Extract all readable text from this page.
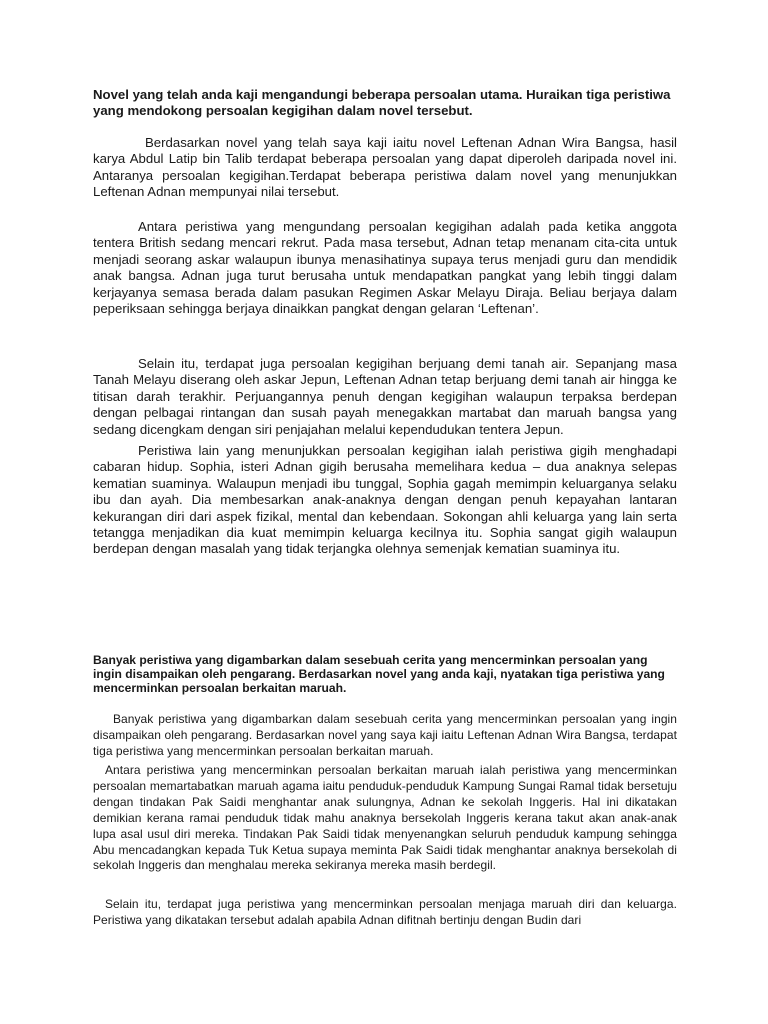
Novel yang telah anda kaji mengandungi beberapa persoalan utama. Huraikan tiga peristiwa yang mendokong persoalan kegigihan dalam novel tersebut.

Berdasarkan novel yang telah saya kaji iaitu novel Leftenan Adnan Wira Bangsa, hasil karya Abdul Latip bin Talib terdapat beberapa persoalan yang dapat diperoleh daripada novel ini. Antaranya persoalan kegigihan.Terdapat beberapa peristiwa dalam novel yang menunjukkan Leftenan Adnan mempunyai nilai tersebut.

Antara peristiwa yang mengundang persoalan kegigihan adalah pada ketika anggota tentera British sedang mencari rekrut. Pada masa tersebut, Adnan tetap menanam cita-cita untuk menjadi seorang askar walaupun ibunya menasihatinya supaya terus menjadi guru dan mendidik anak bangsa. Adnan juga turut berusaha untuk mendapatkan pangkat yang lebih tinggi dalam kerjayanya semasa berada dalam pasukan Regimen Askar Melayu Diraja. Beliau berjaya dalam peperiksaan sehingga berjaya dinaikkan pangkat dengan gelaran ‘Leftenan’.

Selain itu, terdapat juga persoalan kegigihan berjuang demi tanah air. Sepanjang masa Tanah Melayu diserang oleh askar Jepun, Leftenan Adnan tetap berjuang demi tanah air hingga ke titisan darah terakhir. Perjuangannya penuh dengan kegigihan walaupun terpaksa berdepan dengan pelbagai rintangan dan susah payah menegakkan martabat dan maruah bangsa yang sedang dicengkam dengan siri penjajahan melalui kependudukan tentera Jepun.

Peristiwa lain yang menunjukkan persoalan kegigihan ialah peristiwa gigih menghadapi cabaran hidup. Sophia, isteri Adnan gigih berusaha memelihara kedua – dua anaknya selepas kematian suaminya. Walaupun menjadi ibu tunggal, Sophia gagah memimpin keluarganya selaku ibu dan ayah. Dia membesarkan anak-anaknya dengan dengan penuh kepayahan lantaran kekurangan diri dari aspek fizikal, mental dan kebendaan. Sokongan ahli keluarga yang lain serta tetangga menjadikan dia kuat memimpin keluarga kecilnya itu. Sophia sangat gigih walaupun berdepan dengan masalah yang tidak terjangka olehnya semenjak kematian suaminya itu.

Banyak peristiwa yang digambarkan dalam sesebuah cerita yang mencerminkan persoalan yang ingin disampaikan oleh pengarang. Berdasarkan novel yang anda kaji, nyatakan tiga peristiwa yang mencerminkan persoalan berkaitan maruah.

Banyak peristiwa yang digambarkan dalam sesebuah cerita yang mencerminkan persoalan yang ingin disampaikan oleh pengarang. Berdasarkan novel yang saya kaji iaitu Leftenan Adnan Wira Bangsa, terdapat tiga peristiwa yang mencerminkan persoalan berkaitan maruah.

Antara peristiwa yang mencerminkan persoalan berkaitan maruah ialah peristiwa yang mencerminkan persoalan memartabatkan maruah agama iaitu penduduk-penduduk Kampung Sungai Ramal tidak bersetuju dengan tindakan Pak Saidi menghantar anak sulungnya, Adnan ke sekolah Inggeris. Hal ini dikatakan demikian kerana ramai penduduk tidak mahu anaknya bersekolah Inggeris kerana takut akan anak-anak lupa asal usul diri mereka. Tindakan Pak Saidi tidak menyenangkan seluruh penduduk kampung sehingga Abu mencadangkan kepada Tuk Ketua supaya meminta Pak Saidi tidak menghantar anaknya bersekolah di sekolah Inggeris dan menghalau mereka sekiranya mereka masih berdegil.

Selain itu, terdapat juga peristiwa yang mencerminkan persoalan menjaga maruah diri dan keluarga. Peristiwa yang dikatakan tersebut adalah apabila Adnan difitnah bertinju dengan Budin dari
